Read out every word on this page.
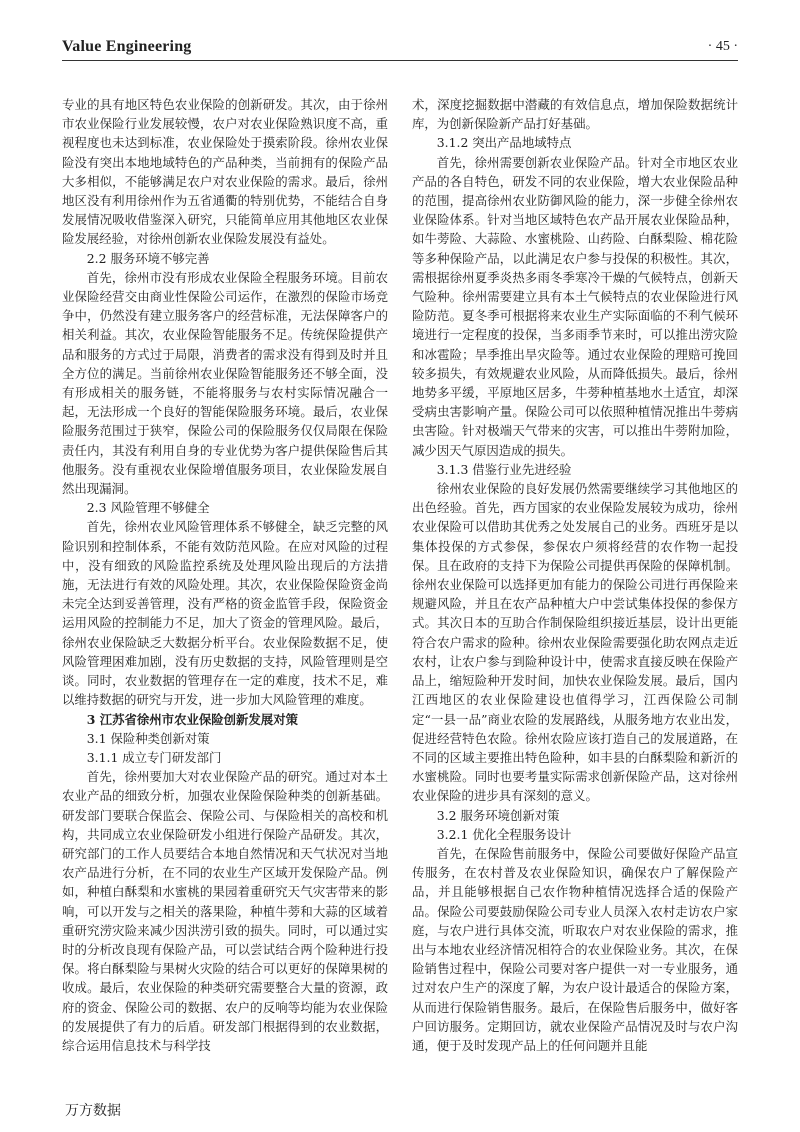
Value Engineering	· 45 ·

专业的具有地区特色农业保险的创新研发。其次，由于徐州市农业保险行业发展较慢，农户对农业保险熟识度不高，重视程度也未达到标准，农业保险处于摸索阶段。徐州农业保险没有突出本地地域特色的产品种类，当前拥有的保险产品大多相似，不能够满足农户对农业保险的需求。最后，徐州地区没有利用徐州作为五省通衢的特别优势，不能结合自身发展情况吸收借鉴深入研究，只能简单应用其他地区农业保险发展经验，对徐州创新农业保险发展没有益处。

2.2 服务环境不够完善

首先，徐州市没有形成农业保险全程服务环境。目前农业保险经营交由商业性保险公司运作，在激烈的保险市场竞争中，仍然没有建立服务客户的经营标准，无法保障客户的相关利益。其次，农业保险智能服务不足。传统保险提供产品和服务的方式过于局限，消费者的需求没有得到及时并且全方位的满足。当前徐州农业保险智能服务还不够全面，没有形成相关的服务链，不能将服务与农村实际情况融合一起，无法形成一个良好的智能保险服务环境。最后，农业保险服务范围过于狭窄，保险公司的保险服务仅仅局限在保险责任内，其没有利用自身的专业优势为客户提供保险售后其他服务。没有重视农业保险增值服务项目，农业保险发展自然出现漏洞。

2.3 风险管理不够健全

首先，徐州农业风险管理体系不够健全，缺乏完整的风险识别和控制体系，不能有效防范风险。在应对风险的过程中，没有细致的风险监控系统及处理风险出现后的方法措施，无法进行有效的风险处理。其次，农业保险保险资金尚未完全达到妥善管理，没有严格的资金监管手段，保险资金运用风险的控制能力不足，加大了资金的管理风险。最后，徐州农业保险缺乏大数据分析平台。农业保险数据不足，使风险管理困难加剧，没有历史数据的支持，风险管理则是空谈。同时，农业数据的管理存在一定的难度，技术不足，难以维持数据的研究与开发，进一步加大风险管理的难度。

3 江苏省徐州市农业保险创新发展对策
3.1 保险种类创新对策
3.1.1 成立专门研发部门

首先，徐州要加大对农业保险产品的研究。通过对本土农业产品的细致分析，加强农业保险保险种类的创新基础。研发部门要联合保监会、保险公司、与保险相关的高校和机构，共同成立农业保险研发小组进行保险产品研发。其次，研究部门的工作人员要结合本地自然情况和天气状况对当地农产品进行分析，在不同的农业生产区域开发保险产品。例如，种植白酥梨和水蜜桃的果园着重研究天气灾害带来的影响，可以开发与之相关的落果险，种植牛蒡和大蒜的区域着重研究涝灾险来减少因洪涝引致的损失。同时，可以通过实时的分析改良现有保险产品，可以尝试结合两个险种进行投保。将白酥梨险与果树火灾险的结合可以更好的保障果树的收成。最后，农业保险的种类研究需要整合大量的资源，政府的资金、保险公司的数据、农户的反响等均能为农业保险的发展提供了有力的后盾。研发部门根据得到的农业数据，综合运用信息技术与科学技

术，深度挖掘数据中潜藏的有效信息点，增加保险数据统计库，为创新保险新产品打好基础。

3.1.2 突出产品地域特点

首先，徐州需要创新农业保险产品。针对全市地区农业产品的各自特色，研发不同的农业保险，增大农业保险品种的范围，提高徐州农业防御风险的能力，深一步健全徐州农业保险体系。针对当地区域特色农产品开展农业保险品种，如牛蒡险、大蒜险、水蜜桃险、山药险、白酥梨险、棉花险等多种保险产品，以此满足农户参与投保的积极性。其次，需根据徐州夏季炎热多雨冬季寒冷干燥的气候特点，创新天气险种。徐州需要建立具有本土气候特点的农业保险进行风险防范。夏冬季可根据将来农业生产实际面临的不利气候环境进行一定程度的投保，当多雨季节来时，可以推出涝灾险和冰雹险；旱季推出旱灾险等。通过农业保险的理赔可挽回较多损失，有效规避农业风险，从而降低损失。最后，徐州地势多平缓，平原地区居多，牛蒡种植基地水土适宜，却深受病虫害影响产量。保险公司可以依照种植情况推出牛蒡病虫害险。针对极端天气带来的灾害，可以推出牛蒡附加险，减少因天气原因造成的损失。

3.1.3 借鉴行业先进经验

徐州农业保险的良好发展仍然需要继续学习其他地区的出色经验。首先，西方国家的农业保险发展较为成功，徐州农业保险可以借助其优秀之处发展自己的业务。西班牙是以集体投保的方式参保，参保农户须将经营的农作物一起投保。且在政府的支持下为保险公司提供再保险的保障机制。徐州农业保险可以选择更加有能力的保险公司进行再保险来规避风险，并且在农产品种植大户中尝试集体投保的参保方式。其次日本的互助合作制保险组织接近基层，设计出更能符合农户需求的险种。徐州农业保险需要强化助农网点走近农村，让农户参与到险种设计中，使需求直接反映在保险产品上，缩短险种开发时间，加快农业保险发展。最后，国内江西地区的农业保险建设也值得学习，江西保险公司制定“一县一品”商业农险的发展路线，从服务地方农业出发，促进经营特色农险。徐州农险应该打造自己的发展道路，在不同的区域主要推出特色险种，如丰县的白酥梨险和新沂的水蜜桃险。同时也要考量实际需求创新保险产品，这对徐州农业保险的进步具有深刻的意义。

3.2 服务环境创新对策
3.2.1 优化全程服务设计

首先，在保险售前服务中，保险公司要做好保险产品宣传服务，在农村普及农业保险知识，确保农户了解保险产品，并且能够根据自己农作物种植情况选择合适的保险产品。保险公司要鼓励保险公司专业人员深入农村走访农户家庭，与农户进行具体交流，听取农户对农业保险的需求，推出与本地农业经济情况相符合的农业保险业务。其次，在保险销售过程中，保险公司要对客户提供一对一专业服务，通过对农户生产的深度了解，为农户设计最适合的保险方案，从而进行保险销售服务。最后，在保险售后服务中，做好客户回访服务。定期回访，就农业保险产品情况及时与农户沟通，便于及时发现产品上的任何问题并且能

万方数据
